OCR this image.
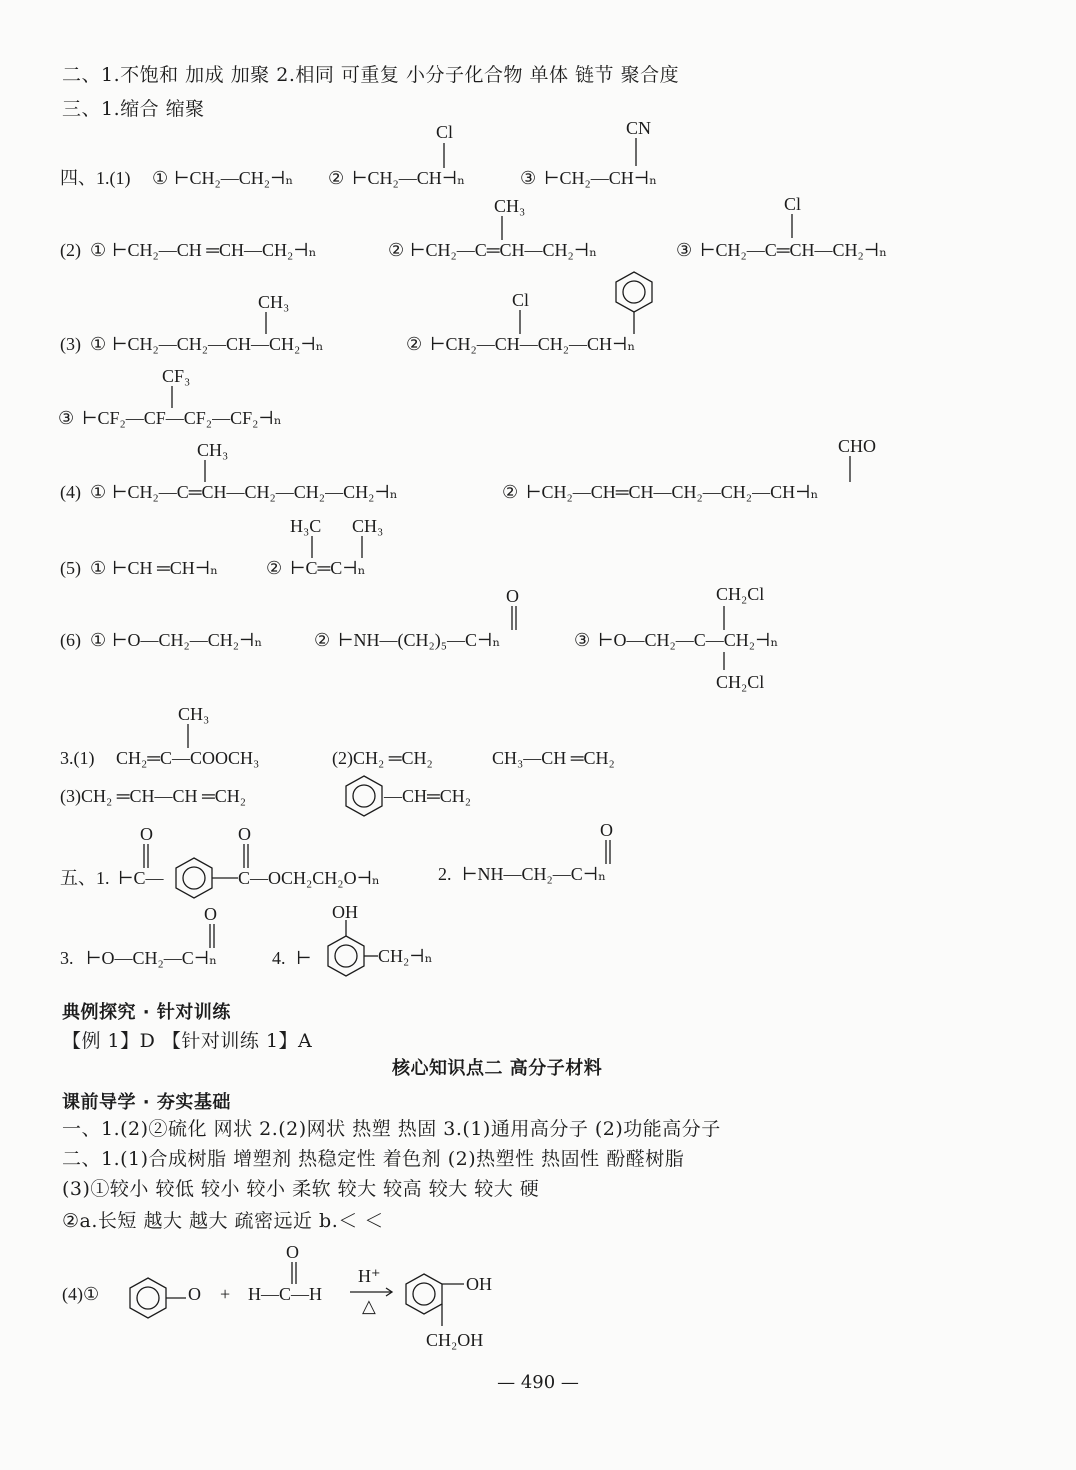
二、1.不饱和 加成 加聚 2.相同 可重复 小分子化合物 单体 链节 聚合度
三、1.缩合 缩聚
四、1.(1) ① ⊢CH₂—CH₂⊣ₙ ② ⊢CH₂—CH⊣ₙ
Cl
③ ⊢CH₂—CH⊣ₙ
CN
(2) ① ⊢CH₂—CH ═CH—CH₂⊣ₙ	② ⊢CH₂—C═CH—CH₂⊣ₙ
CH₃
③ ⊢CH₂—C═CH—CH₂⊣ₙ
Cl
(3) ① ⊢CH₂—CH₂—CH—CH₂⊣ₙ
CH₃
② ⊢CH₂—CH—CH₂—CH⊣ₙ
Cl
③ ⊢CF₂—CF—CF₂—CF₂⊣ₙ
CF₃
(4) ① ⊢CH₂—C═CH—CH₂—CH₂—CH₂⊣ₙ
CH₃
② ⊢CH₂—CH═CH—CH₂—CH₂—CH⊣ₙ
CHO
(5) ① ⊢CH ═CH⊣ₙ	② ⊢C═C⊣ₙ
H₃C CH₃
(6) ① ⊢O—CH₂—CH₂⊣ₙ	② ⊢NH—(CH₂)₅—C⊣ₙ
O
③ ⊢O—CH₂—C—CH₂⊣ₙ
CH₂Cl
CH₂Cl
3.(1) CH₂═C—COOCH₃
CH₃
(2)CH₂ ═CH₂	CH₃—CH ═CH₂
(3)CH₂ ═CH—CH ═CH₂	—CH═CH₂
五、1. ⊢C—
O
C—OCH₂CH₂O⊣ₙ
O
2. ⊢NH—CH₂—C⊣ₙ
O
3. ⊢O—CH₂—C⊣ₙ
O
4. ⊢
OH
CH₂⊣ₙ
(4)①	O + H—C—H
O
H⁺
△
OH
CH₂OH
典例探究 · 针对训练
【例 1】D 【针对训练 1】A
核心知识点二 高分子材料
课前导学 · 夯实基础
一、1.(2)②硫化 网状 2.(2)网状 热塑 热固 3.(1)通用高分子 (2)功能高分子
二、1.(1)合成树脂 增塑剂 热稳定性 着色剂 (2)热塑性 热固性 酚醛树脂
(3)①较小 较低 较小 较小 柔软 较大 较高 较大 较大 硬
②a.长短 越大 越大 疏密远近 b.＜ ＜
— 490 —
